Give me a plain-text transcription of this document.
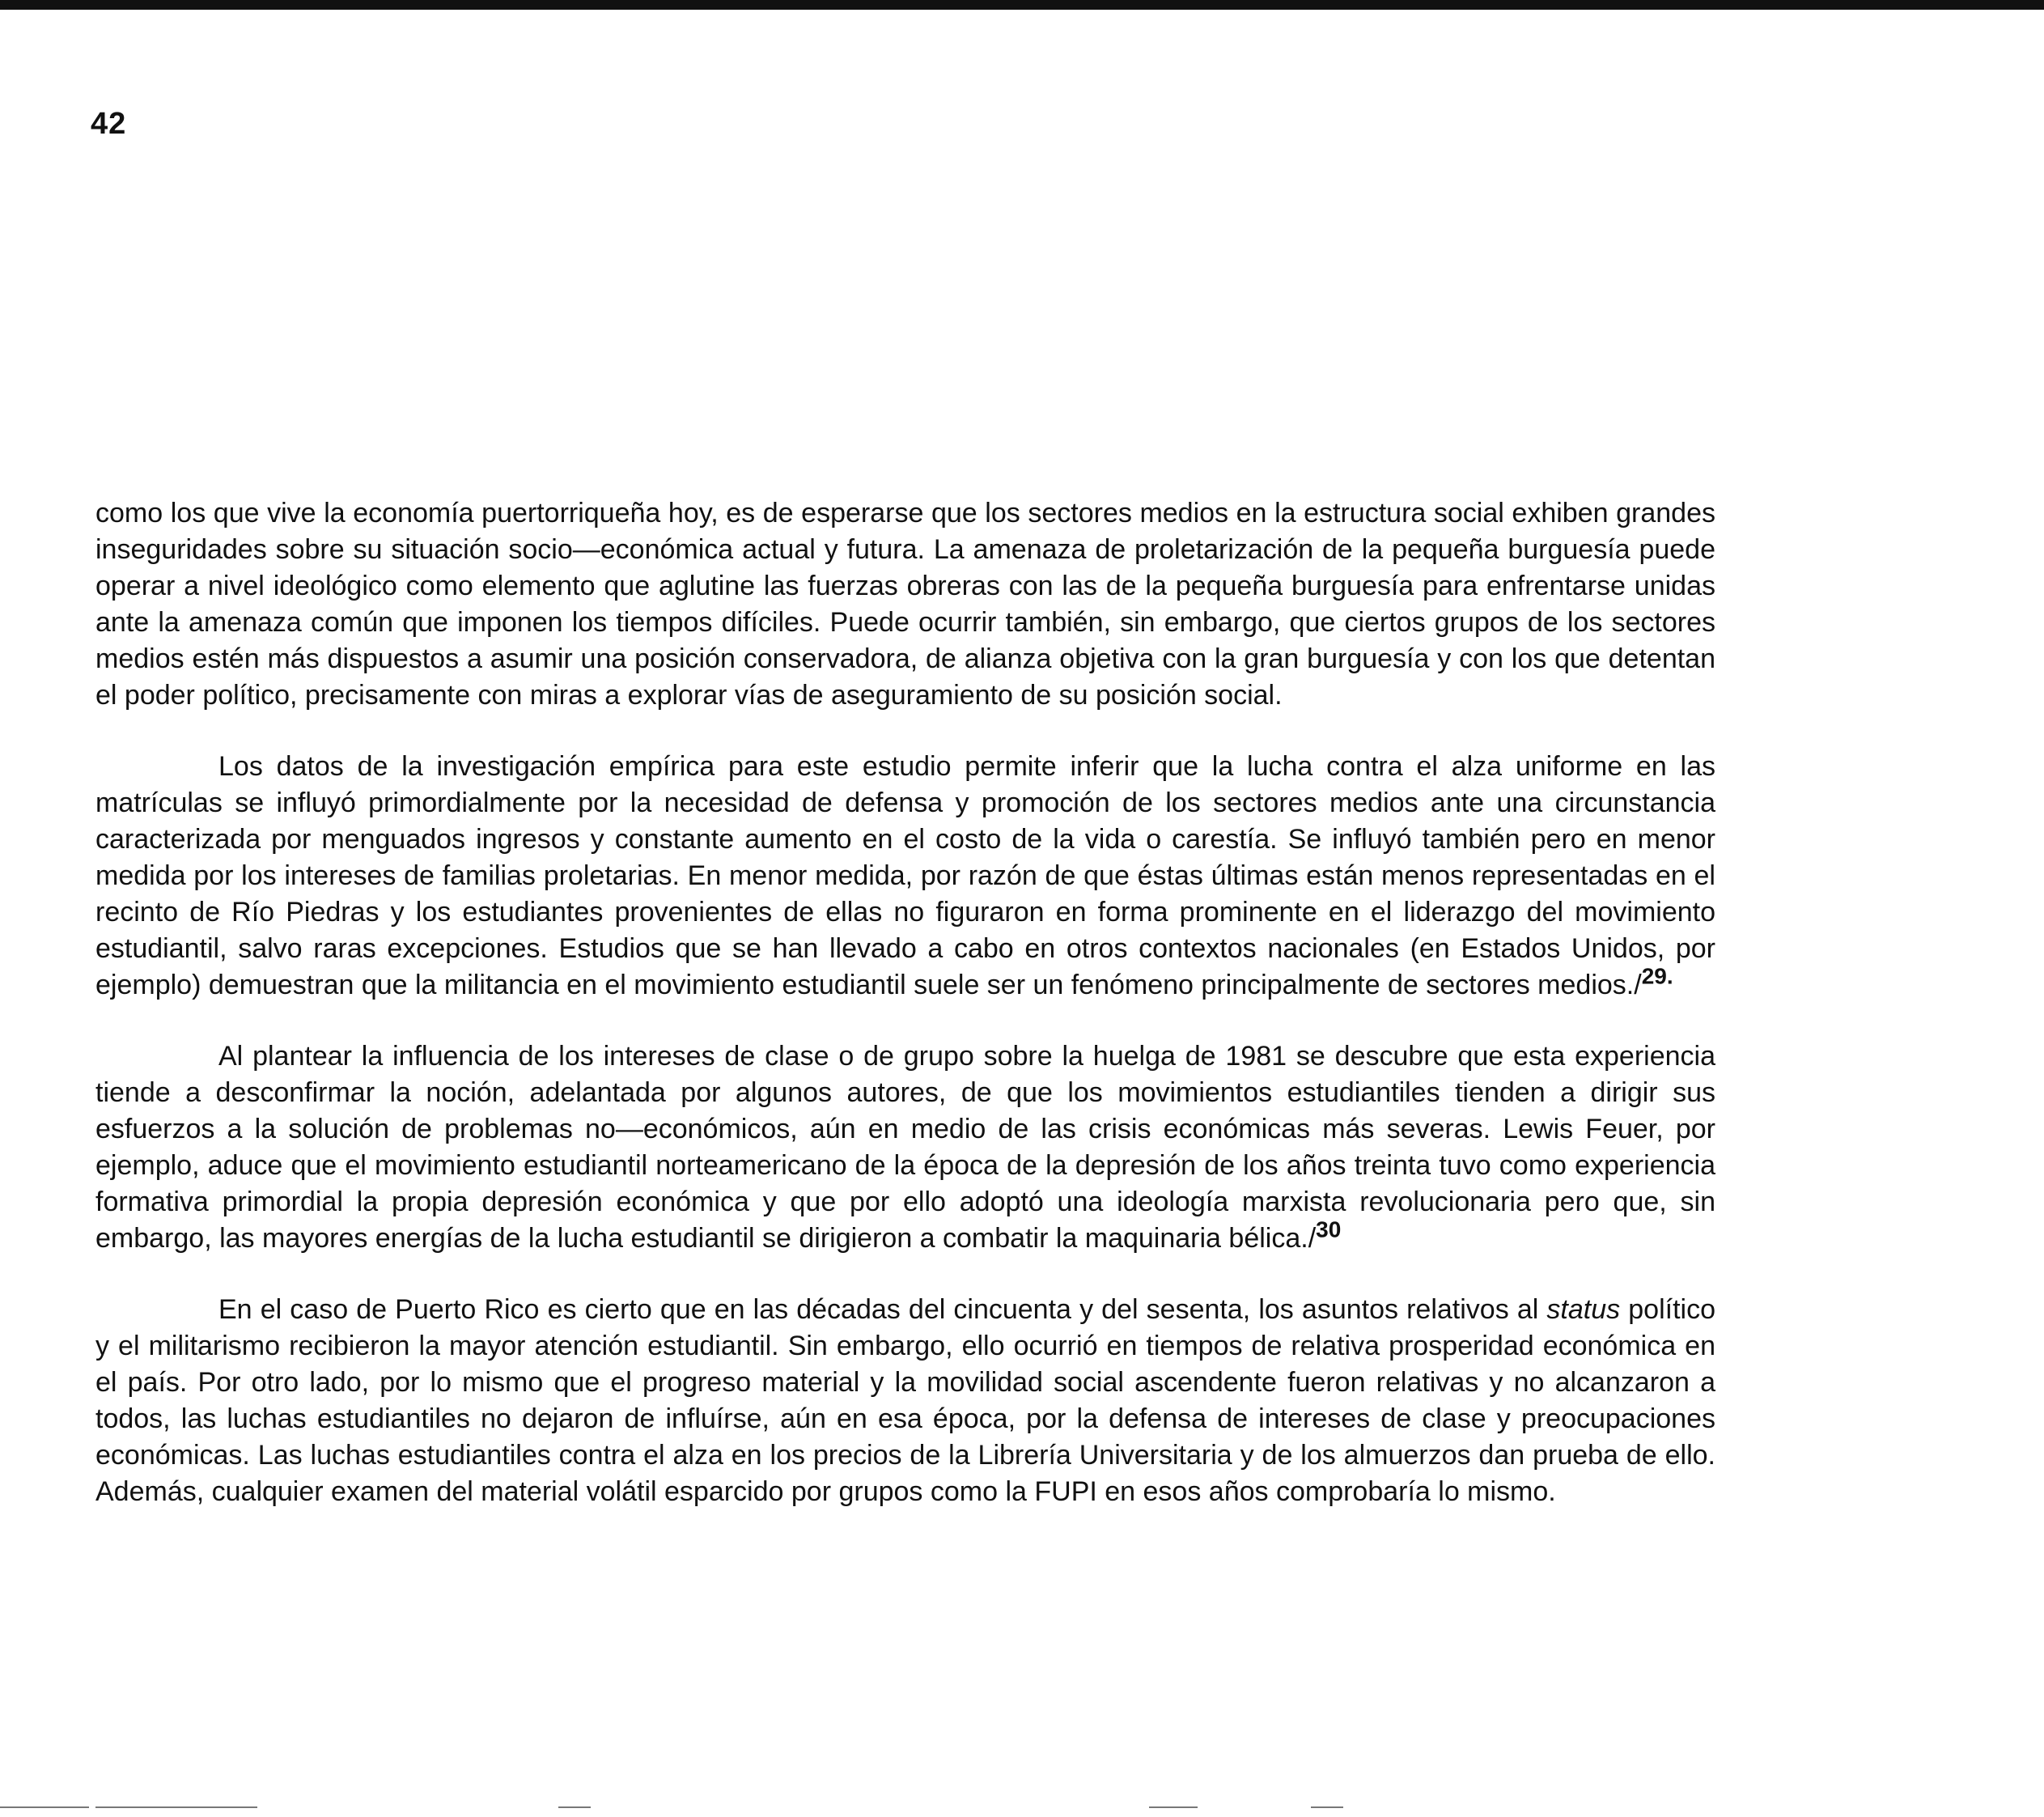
42

como los que vive la economía puertorriqueña hoy, es de esperarse que los sectores medios en la estructura social exhiben grandes inseguridades sobre su situación socio—económica actual y futura. La amenaza de proletarización de la pequeña burguesía puede operar a nivel ideológico como elemento que aglutine las fuerzas obreras con las de la pequeña burguesía para enfrentarse unidas ante la amenaza común que imponen los tiempos difíciles. Puede ocurrir también, sin embargo, que ciertos grupos de los sectores medios estén más dispuestos a asumir una posición conservadora, de alianza objetiva con la gran burguesía y con los que detentan el poder político, precisamente con miras a explorar vías de aseguramiento de su posición social.

Los datos de la investigación empírica para este estudio permite inferir que la lucha contra el alza uniforme en las matrículas se influyó primordialmente por la necesidad de defensa y promoción de los sectores medios ante una circunstancia caracterizada por menguados ingresos y constante aumento en el costo de la vida o carestía. Se influyó también pero en menor medida por los intereses de familias proletarias. En menor medida, por razón de que éstas últimas están menos representadas en el recinto de Río Piedras y los estudiantes provenientes de ellas no figuraron en forma prominente en el liderazgo del movimiento estudiantil, salvo raras excepciones. Estudios que se han llevado a cabo en otros contextos nacionales (en Estados Unidos, por ejemplo) demuestran que la militancia en el movimiento estudiantil suele ser un fenómeno principalmente de sectores medios./$^{29.}$

Al plantear la influencia de los intereses de clase o de grupo sobre la huelga de 1981 se descubre que esta experiencia tiende a desconfirmar la noción, adelantada por algunos autores, de que los movimientos estudiantiles tienden a dirigir sus esfuerzos a la solución de problemas no—económicos, aún en medio de las crisis económicas más severas. Lewis Feuer, por ejemplo, aduce que el movimiento estudiantil norteamericano de la época de la depresión de los años treinta tuvo como experiencia formativa primordial la propia depresión económica y que por ello adoptó una ideología marxista revolucionaria pero que, sin embargo, las mayores energías de la lucha estudiantil se dirigieron a combatir la maquinaria bélica./$^{30}$

En el caso de Puerto Rico es cierto que en las décadas del cincuenta y del sesenta, los asuntos relativos al status político y el militarismo recibieron la mayor atención estudiantil. Sin embargo, ello ocurrió en tiempos de relativa prosperidad económica en el país. Por otro lado, por lo mismo que el progreso material y la movilidad social ascendente fueron relativas y no alcanzaron a todos, las luchas estudiantiles no dejaron de influírse, aún en esa época, por la defensa de intereses de clase y preocupaciones económicas. Las luchas estudiantiles contra el alza en los precios de la Librería Universitaria y de los almuerzos dan prueba de ello. Además, cualquier examen del material volátil esparcido por grupos como la FUPI en esos años comprobaría lo mismo.
